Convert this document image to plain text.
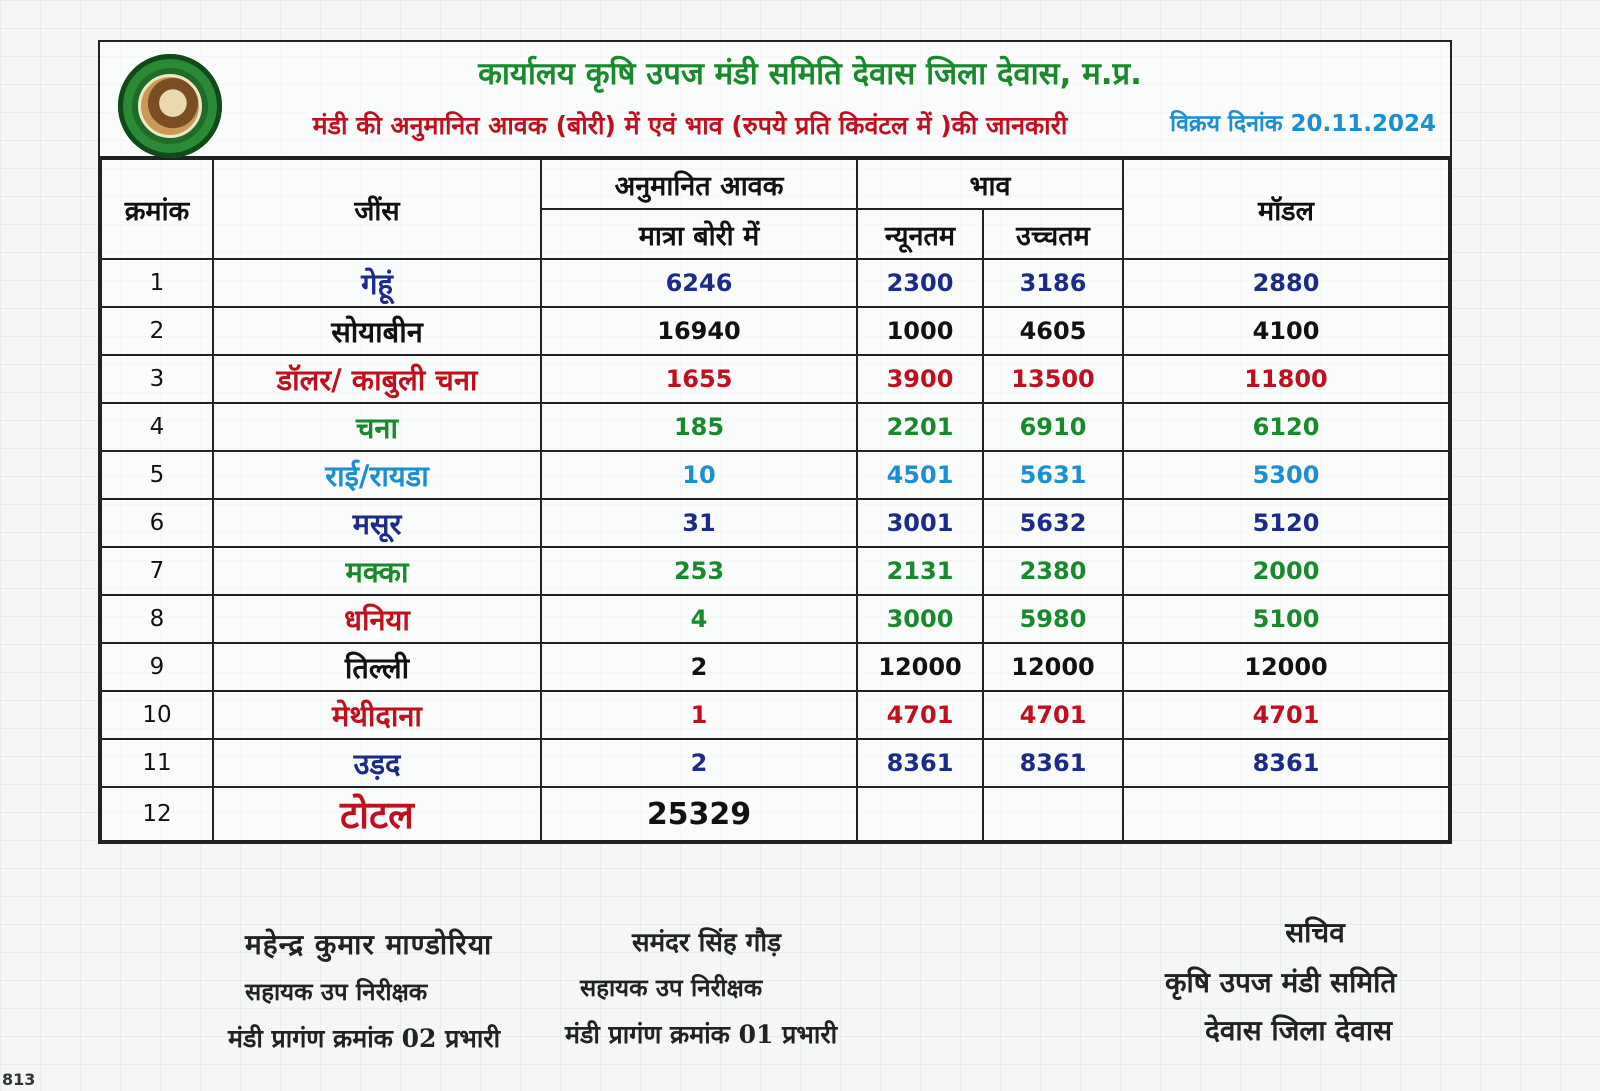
कार्यालय कृषि उपज मंडी समिति देवास जिला देवास, म.प्र.
मंडी की अनुमानित आवक (बोरी) में एवं भाव (रुपये प्रति किवंटल में )की जानकारी	विक्रय दिनांक 20.11.2024
क्रमांक	जींस	अनुमानित आवक	भाव		मॉडल
		मात्रा बोरी में	न्यूनतम	उच्चतम	
1	गेहूं	6246	2300	3186	2880
2	सोयाबीन	16940	1000	4605	4100
3	डॉलर/ काबुली चना	1655	3900	13500	11800
4	चना	185	2201	6910	6120
5	राई/रायडा	10	4501	5631	5300
6	मसूर	31	3001	5632	5120
7	मक्का	253	2131	2380	2000
8	धनिया	4	3000	5980	5100
9	तिल्ली	2	12000	12000	12000
10	मेथीदाना	1	4701	4701	4701
11	उड़द	2	8361	8361	8361
12	टोटल	25329			
महेन्द्र कुमार माण्डोरिया
सहायक उप निरीक्षक
मंडी प्रागंण क्रमांक 02 प्रभारी
समंदर सिंह गौड़
सहायक उप निरीक्षक
मंडी प्रागंण क्रमांक 01 प्रभारी
सचिव
कृषि उपज मंडी समिति
देवास जिला देवास
813
